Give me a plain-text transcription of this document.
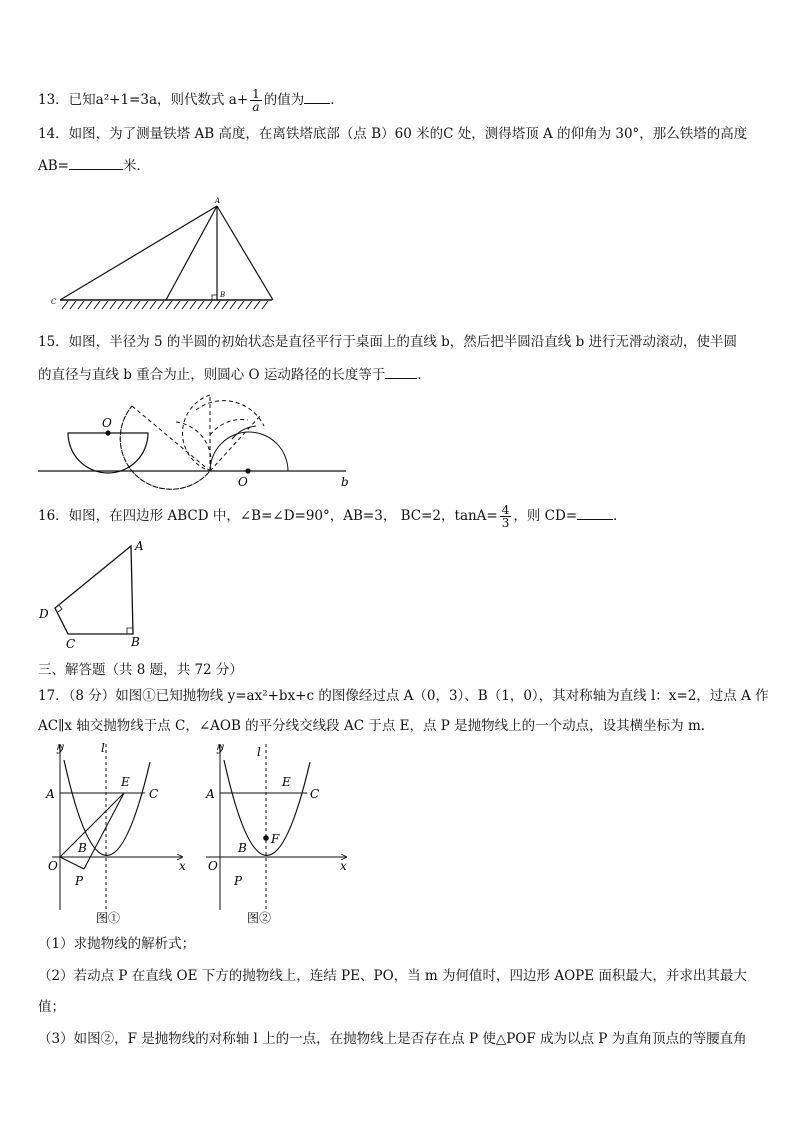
13．已知a²+1=3a，则代数式 $a+ \frac{1}{a}$ 的值为 ．
14．如图，为了测量铁塔 AB 高度，在离铁塔底部（点 B）60 米的C 处，测得塔顶 A 的仰角为 30°，那么铁塔的高度
AB=	米．
A
B
C
15．如图，半径为 5 的半圆的初始状态是直径平行于桌面上的直线 b，然后把半圆沿直线 b 进行无滑动滚动，使半圆
的直径与直线 b 重合为止，则圆心 O 运动路径的长度等于 ．
O
O	b
16．如图，在四边形 ABCD 中，∠B=∠D=90°，AB=3， BC=2，$\tan A= \frac{4}{3}$ ，则 CD=	．
A
B
C
D
三、解答题（共 8 题，共 72 分）
17．（8 分）如图①已知抛物线 y=ax²+bx+c 的图像经过点 A（0，3）、B（1，0），其对称轴为直线 l：x=2，过点 A 作
AC∥x 轴交抛物线于点 C，∠AOB 的平分线交线段 AC 于点 E，点 P 是抛物线上的一个动点，设其横坐标为 m.
y	l
A
E
C
B
O
P
x
图①
y	l
A
E
C
F
B
O
P
x
图②
（1）求抛物线的解析式；
（2）若动点 P 在直线 OE 下方的抛物线上，连结 PE、PO，当 m 为何值时，四边形 AOPE 面积最大，并求出其最大
值；
（3）如图②，F 是抛物线的对称轴 l 上的一点，在抛物线上是否存在点 P 使△POF 成为以点 P 为直角顶点的等腰直角
